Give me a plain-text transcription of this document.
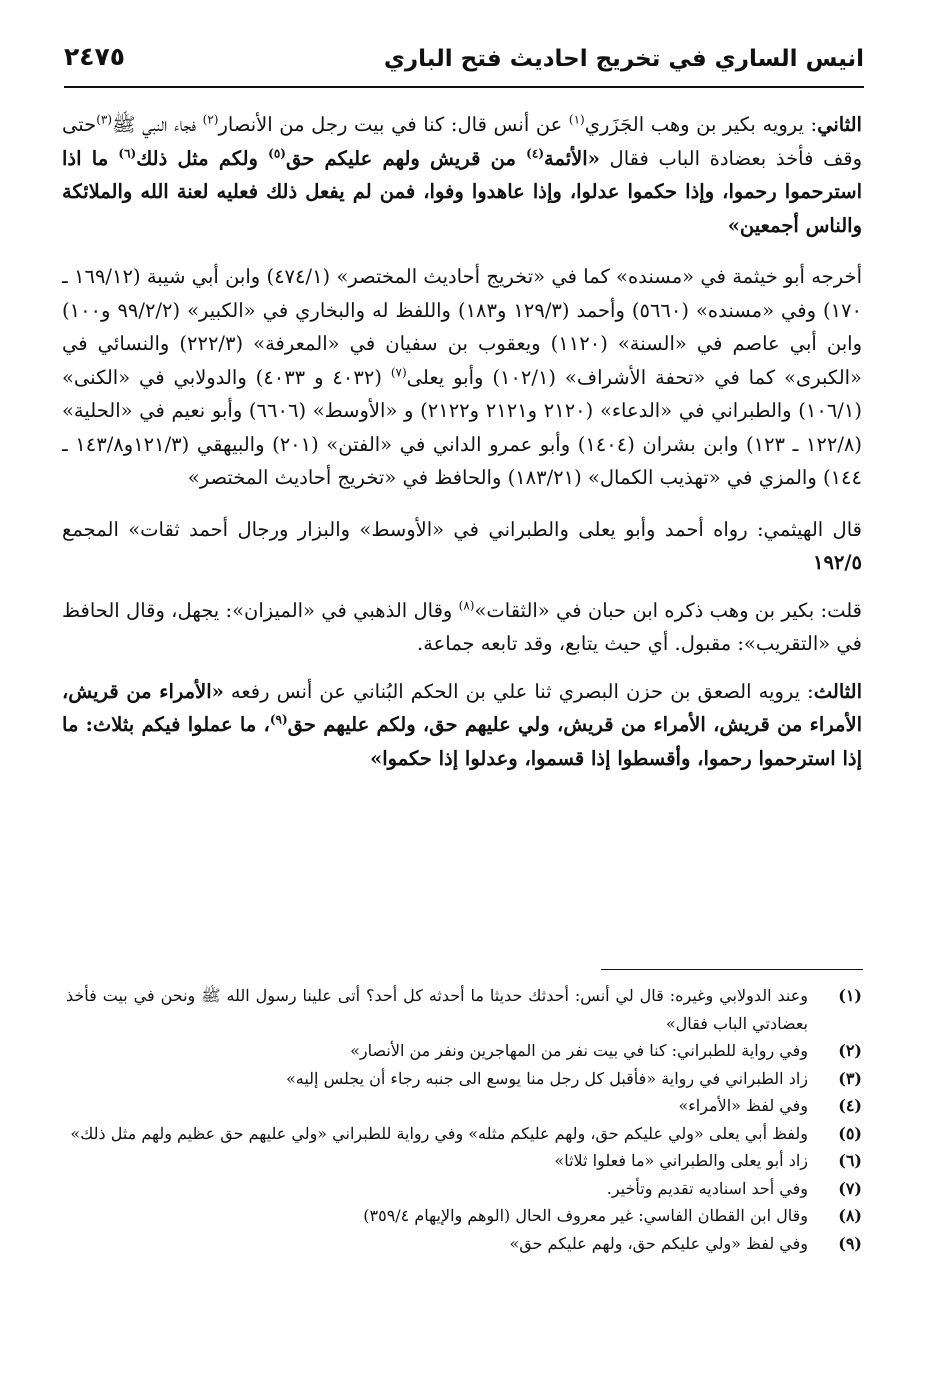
انيس الساري في تخريج احاديث فتح الباري
٢٤٧٥

الثاني: يرويه بكير بن وهب الجَزَري$^{(١)}$ عن أنس قال: كنا في بيت رجل من الأنصار$^{(٢)}$ فجاء النبي ﷺ$^{(٣)}$حتى وقف فأخذ بعضادة الباب فقال «الأئمة$^{(٤)}$ من قريش ولهم عليكم حق$^{(٥)}$ ولكم مثل ذلك$^{(٦)}$ ما اذا استرحموا رحموا، وإذا حكموا عدلوا، وإذا عاهدوا وفوا، فمن لم يفعل ذلك فعليه لعنة الله والملائكة والناس أجمعين»

أخرجه أبو خيثمة في «مسنده» كما في «تخريج أحاديث المختصر» (٤٧٤/١) وابن أبي شيبة (١٦٩/١٢ ـ ١٧٠) وفي «مسنده» (٥٦٦٠) وأحمد (١٢٩/٣ و١٨٣) واللفظ له والبخاري في «الكبير» (٩٩/٢/٢ و١٠٠) وابن أبي عاصم في «السنة» (١١٢٠) ويعقوب بن سفيان في «المعرفة» (٢٢٢/٣) والنسائي في «الكبرى» كما في «تحفة الأشراف» (١٠٢/١) وأبو يعلى$^{(٧)}$ (٤٠٣٢ و ٤٠٣٣) والدولابي في «الكنى» (١٠٦/١) والطبراني في «الدعاء» (٢١٢٠ و٢١٢١ و٢١٢٢) و «الأوسط» (٦٦٠٦) وأبو نعيم في «الحلية» (١٢٢/٨ ـ ١٢٣) وابن بشران (١٤٠٤) وأبو عمرو الداني في «الفتن» (٢٠١) والبيهقي (١٢١/٣و١٤٣/٨ ـ ١٤٤) والمزي في «تهذيب الكمال» (١٨٣/٢١) والحافظ في «تخريج أحاديث المختصر»

قال الهيثمي: رواه أحمد وأبو يعلى والطبراني في «الأوسط» والبزار ورجال أحمد ثقات» المجمع ١٩٢/٥

قلت: بكير بن وهب ذكره ابن حبان في «الثقات»$^{(٨)}$ وقال الذهبي في «الميزان»: يجهل، وقال الحافظ في «التقريب»: مقبول. أي حيث يتابع، وقد تابعه جماعة.

الثالث: يرويه الصعق بن حزن البصري ثنا علي بن الحكم البُناني عن أنس رفعه «الأمراء من قريش، الأمراء من قريش، الأمراء من قريش، ولي عليهم حق، ولكم عليهم حق$^{(٩)}$، ما عملوا فيكم بثلاث: ما إذا استرحموا رحموا، وأقسطوا إذا قسموا، وعدلوا إذا حكموا»

(١)
وعند الدولابي وغيره: قال لي أنس: أحدثك حديثا ما أحدثه كل أحد؟ أتى علينا رسول الله ﷺ ونحن في بيت فأخذ بعضادتي الباب فقال»
(٢)
وفي رواية للطبراني: كنا في بيت نفر من المهاجرين ونفر من الأنصار»
(٣)
زاد الطبراني في رواية «فأقبل كل رجل منا يوسع الى جنبه رجاء أن يجلس إليه»
(٤)
وفي لفظ «الأمراء»
(٥)
ولفظ أبي يعلى «ولي عليكم حق، ولهم عليكم مثله» وفي رواية للطبراني «ولي عليهم حق عظيم ولهم مثل ذلك»
(٦)
زاد أبو يعلى والطبراني «ما فعلوا ثلاثا»
(٧)
وفي أحد اسناديه تقديم وتأخير.
(٨)
وقال ابن القطان الفاسي: غير معروف الحال (الوهم والإيهام ٣٥٩/٤)
(٩)
وفي لفظ «ولي عليكم حق، ولهم عليكم حق»
